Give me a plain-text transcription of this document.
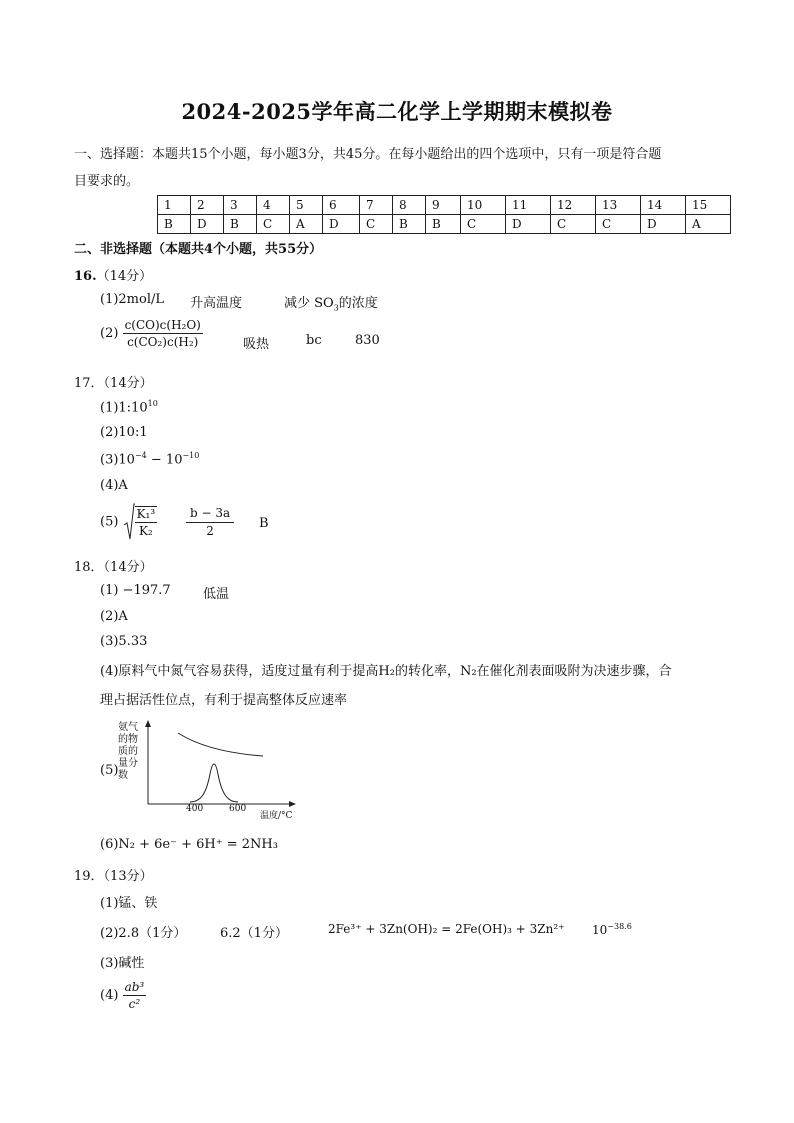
2024-2025学年高二化学上学期期末模拟卷
一、选择题：本题共15个小题，每小题3分，共45分。在每小题给出的四个选项中，只有一项是符合题
目要求的。
1	2	3	4	5	6	7	8	9	10	11	12	13	14	15
B	D	B	C	A	D	C	B	B	C	D	C	C	D	A
二、非选择题（本题共4个小题，共55分）
16.（14分）
(1)2mol/L 升高温度	减少 $SO_3$的浓度
$(2) \frac{\text{c(CO)c(H₂O)}}{\text{c(CO₂)c(H₂)}}$	吸热	bc	830
17．（14分）
$(1)1:10^{10}$
(2)10:1
$(3)10^{-4} - 10^{-10}$
(4)A
$(5) \frac{\text{K₁³}}{\text{K₂}} \frac{b - 3a}{2}$ B
18．（14分）
(1) −197.7 低温
(2)A
(3)5.33
(4)原料气中氮气容易获得，适度过量有利于提高H₂的转化率，N₂在催化剂表面吸附为决速步骤，合
理占据活性位点，有利于提高整体反应速率
(5)
氨气
的物
质的
量分
数
400	600
温度/°C
(6)N₂ + 6e⁻ + 6H⁺ = 2NH₃
19．（13分）
(1)锰、铁
(2)2.8（1分）	6.2（1分）	2Fe³⁺ + 3Zn(OH)₂ = 2Fe(OH)₃ + 3Zn²⁺ $10^{-38.6}$
(3)碱性
$(4) \frac{\text{ab³}}{\text{c²}}$
